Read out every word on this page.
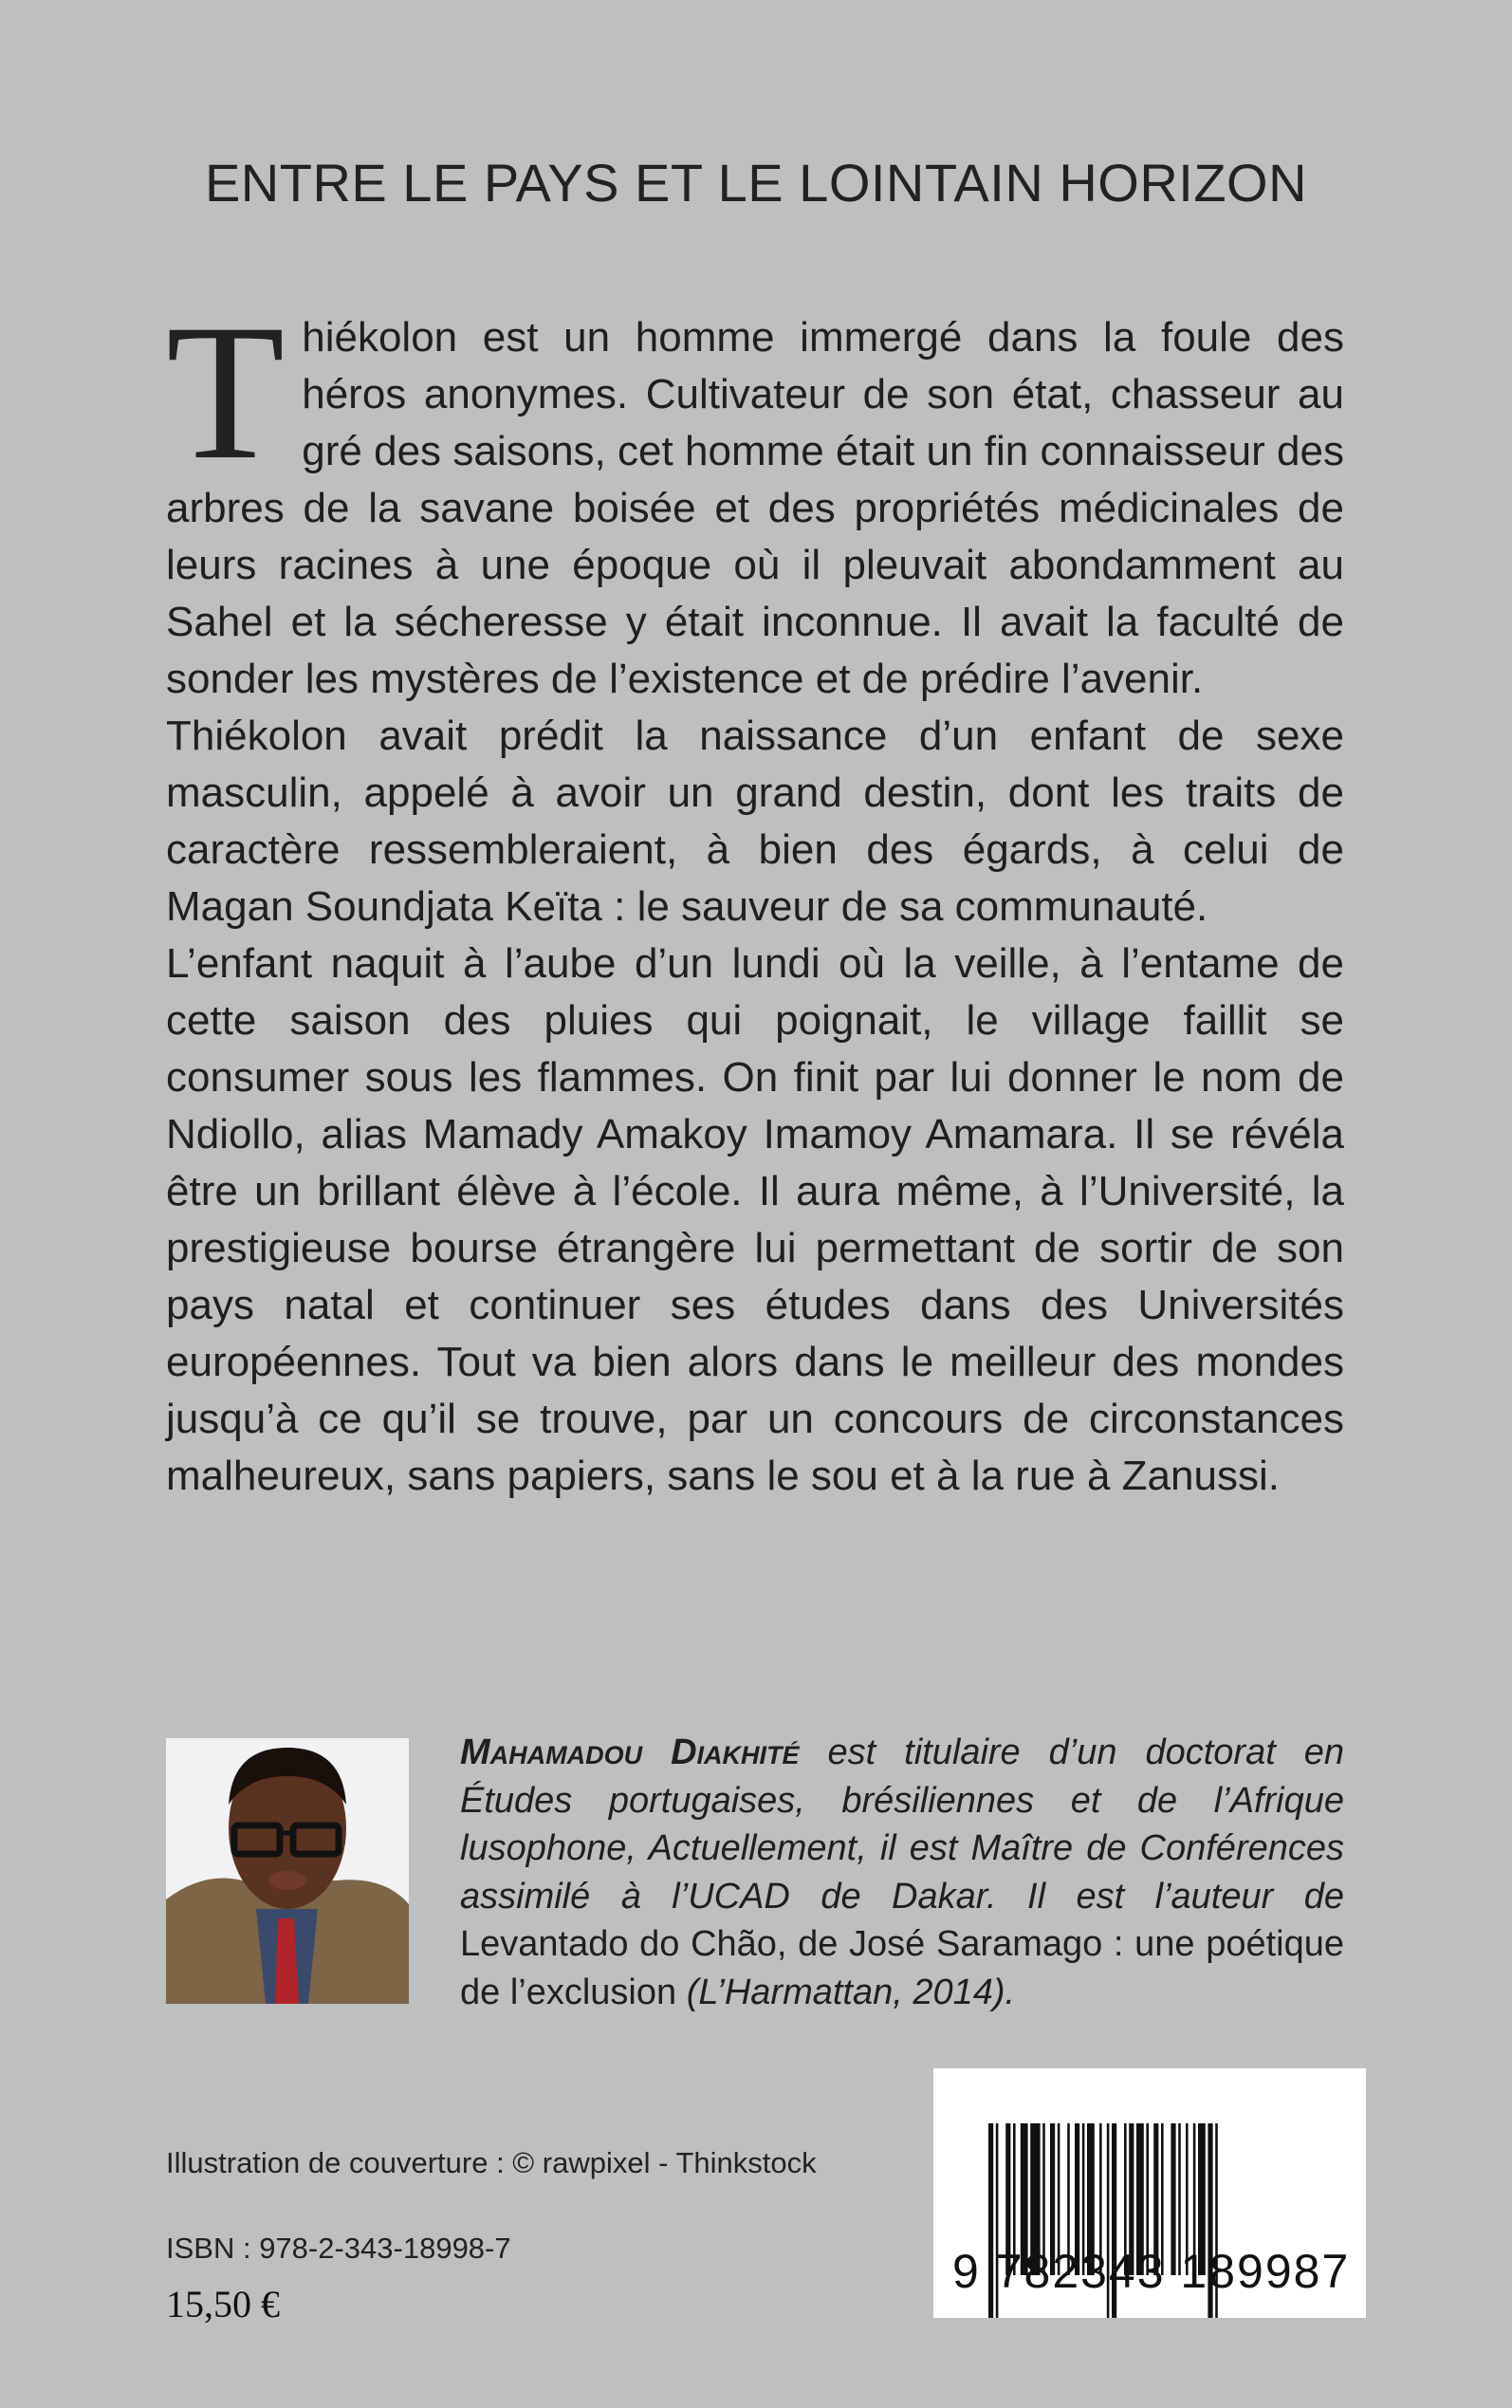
ENTRE LE PAYS ET LE LOINTAIN HORIZON

Thiékolon est un homme immergé dans la foule des héros anonymes. Cultivateur de son état, chasseur au gré des saisons, cet homme était un fin connaisseur des arbres de la savane boisée et des propriétés médicinales de leurs racines à une époque où il pleuvait abondamment au Sahel et la sécheresse y était inconnue. Il avait la faculté de sonder les mystères de l’existence et de prédire l’avenir.

Thiékolon avait prédit la naissance d’un enfant de sexe masculin, appelé à avoir un grand destin, dont les traits de caractère ressembleraient, à bien des égards, à celui de Magan Soundjata Keïta : le sauveur de sa communauté.

L’enfant naquit à l’aube d’un lundi où la veille, à l’entame de cette saison des pluies qui poignait, le village faillit se consumer sous les flammes. On finit par lui donner le nom de Ndiollo, alias Mamady Amakoy Imamoy Amamara. Il se révéla être un brillant élève à l’école. Il aura même, à l’Université, la prestigieuse bourse étrangère lui permettant de sortir de son pays natal et continuer ses études dans des Universités européennes. Tout va bien alors dans le meilleur des mondes jusqu’à ce qu’il se trouve, par un concours de circonstances malheureux, sans papiers, sans le sou et à la rue à Zanussi.

Mahamadou Diakhité est titulaire d’un doctorat en Études portugaises, brésiliennes et de l’Afrique lusophone, Actuellement, il est Maître de Conférences assimilé à l’UCAD de Dakar. Il est l’auteur de Levantado do Chão, de José Saramago : une poétique de l’exclusion (L’Harmattan, 2014).
Illustration de couverture : © rawpixel - Thinkstock
ISBN : 978-2-343-18998-7
15,50 €
9 782343 189987
